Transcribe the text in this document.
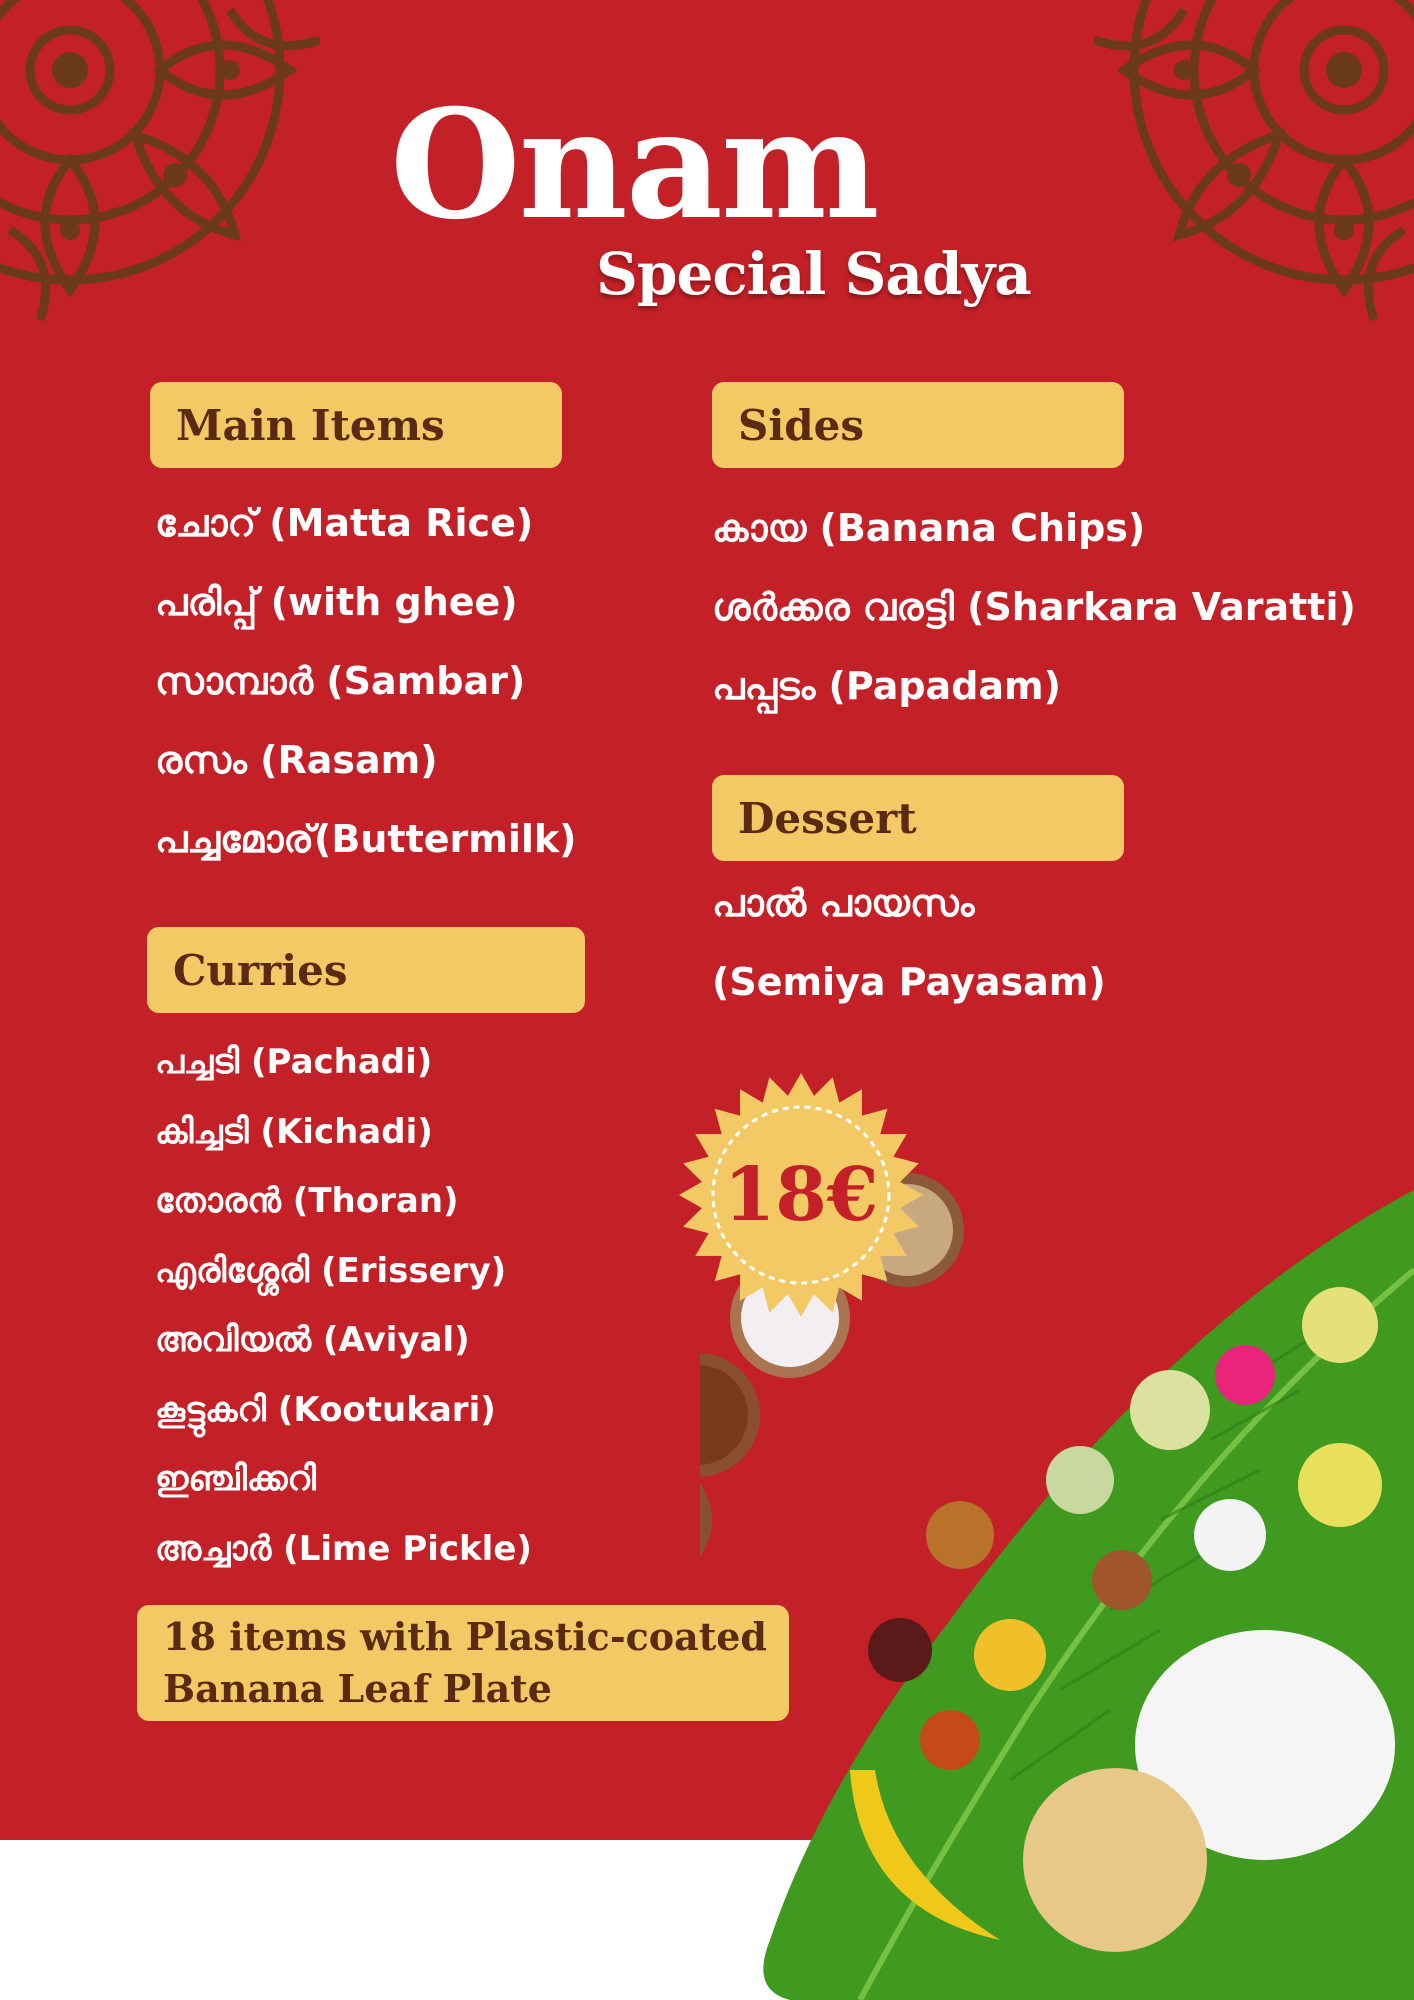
Onam
Special Sadya
Main Items
ചോറ് (Matta Rice)
പരിപ്പ് (with ghee)
സാമ്പാർ (Sambar)
രസം (Rasam)
പച്ചമോര്(Buttermilk)
Sides
കായ (Banana Chips)
ശർക്കര വരട്ടി (Sharkara Varatti)
പപ്പടം (Papadam)
Dessert
പാൽ പായസം
(Semiya Payasam)
Curries
പച്ചടി (Pachadi)
കിച്ചടി (Kichadi)
തോരൻ (Thoran)
എരിശ്ശേരി (Erissery)
അവിയൽ (Aviyal)
കൂട്ടുകറി (Kootukari)
ഇഞ്ചിക്കറി
അച്ചാർ (Lime Pickle)
18€
18 items with Plastic-coated
Banana Leaf Plate
